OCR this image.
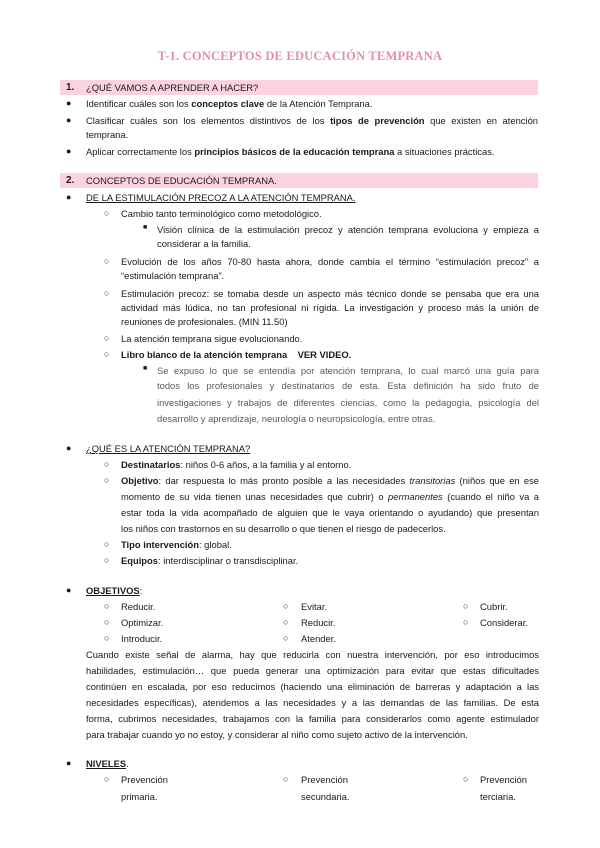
T-1. CONCEPTOS DE EDUCACIÓN TEMPRANA
1. ¿QUÉ VAMOS A APRENDER A HACER?
● Identificar cuáles son los conceptos clave de la Atención Temprana.
● Clasificar cuáles son los elementos distintivos de los tipos de prevención que existen en atención
temprana.
● Aplicar correctamente los principios básicos de la educación temprana a situaciones prácticas.
2. CONCEPTOS DE EDUCACIÓN TEMPRANA.
● DE LA ESTIMULACIÓN PRECOZ A LA ATENCIÓN TEMPRANA.
○ Cambio tanto terminológico como metodológico.
■ Visión clínica de la estimulación precoz y atención temprana evoluciona y empieza a
considerar a la familia.
○ Evolución de los años 70-80 hasta ahora, donde cambia el término “estimulación precoz” a
“estimulación temprana”.
○ Estimulación precoz: se tomaba desde un aspecto más técnico donde se pensaba que era una
actividad más lúdica, no tan profesional ni rígida. La investigación y proceso más la unión de
reuniones de profesionales. (MIN 11.50)
○ La atención temprana sigue evolucionando.
○ Libro blanco de la atención temprana VER VIDEO.
■ Se expuso lo que se entendía por atención temprana, lo cual marcó una guía para
todos los profesionales y destinatarios de esta. Esta definición ha sido fruto de
investigaciones y trabajos de diferentes ciencias, como la pedagogía, psicología del
desarrollo y aprendizaje, neurología o neuropsicología, entre otras.
● ¿QUÉ ES LA ATENCIÓN TEMPRANA?
○ Destinatarios: niños 0-6 años, a la familia y al entorno.
○ Objetivo: dar respuesta lo más pronto posible a las necesidades transitorias (niños que en ese
momento de su vida tienen unas necesidades que cubrir) o permanentes (cuando el niño va a
estar toda la vida acompañado de alguien que le vaya orientando o ayudando) que presentan
los niños con trastornos en su desarrollo o que tienen el riesgo de padecerlos.
○ Tipo intervención: global.
○ Equipos: interdisciplinar o transdisciplinar.
● OBJETIVOS:
○ Reducir.
○ Optimizar.
○ Introducir.
○ Evitar.
○ Reducir.
○ Atender.
○ Cubrir.
○ Considerar.
Cuando existe señal de alarma, hay que reducirla con nuestra intervención, por eso introducimos
habilidades, estimulación… que pueda generar una optimización para evitar que estas dificultades
continúen en escalada, por eso reducimos (haciendo una eliminación de barreras y adaptación a las
necesidades específicas), atendemos a las necesidades y a las demandas de las familias. De esta
forma, cubrimos necesidades, trabajamos con la familia para considerarlos como agente estimulador
para trabajar cuando yo no estoy, y considerar al niño como sujeto activo de la intervención.
● NIVELES.
○ Prevención
primaria.
○ Prevención
secundaria.
○ Prevención
terciaria.
